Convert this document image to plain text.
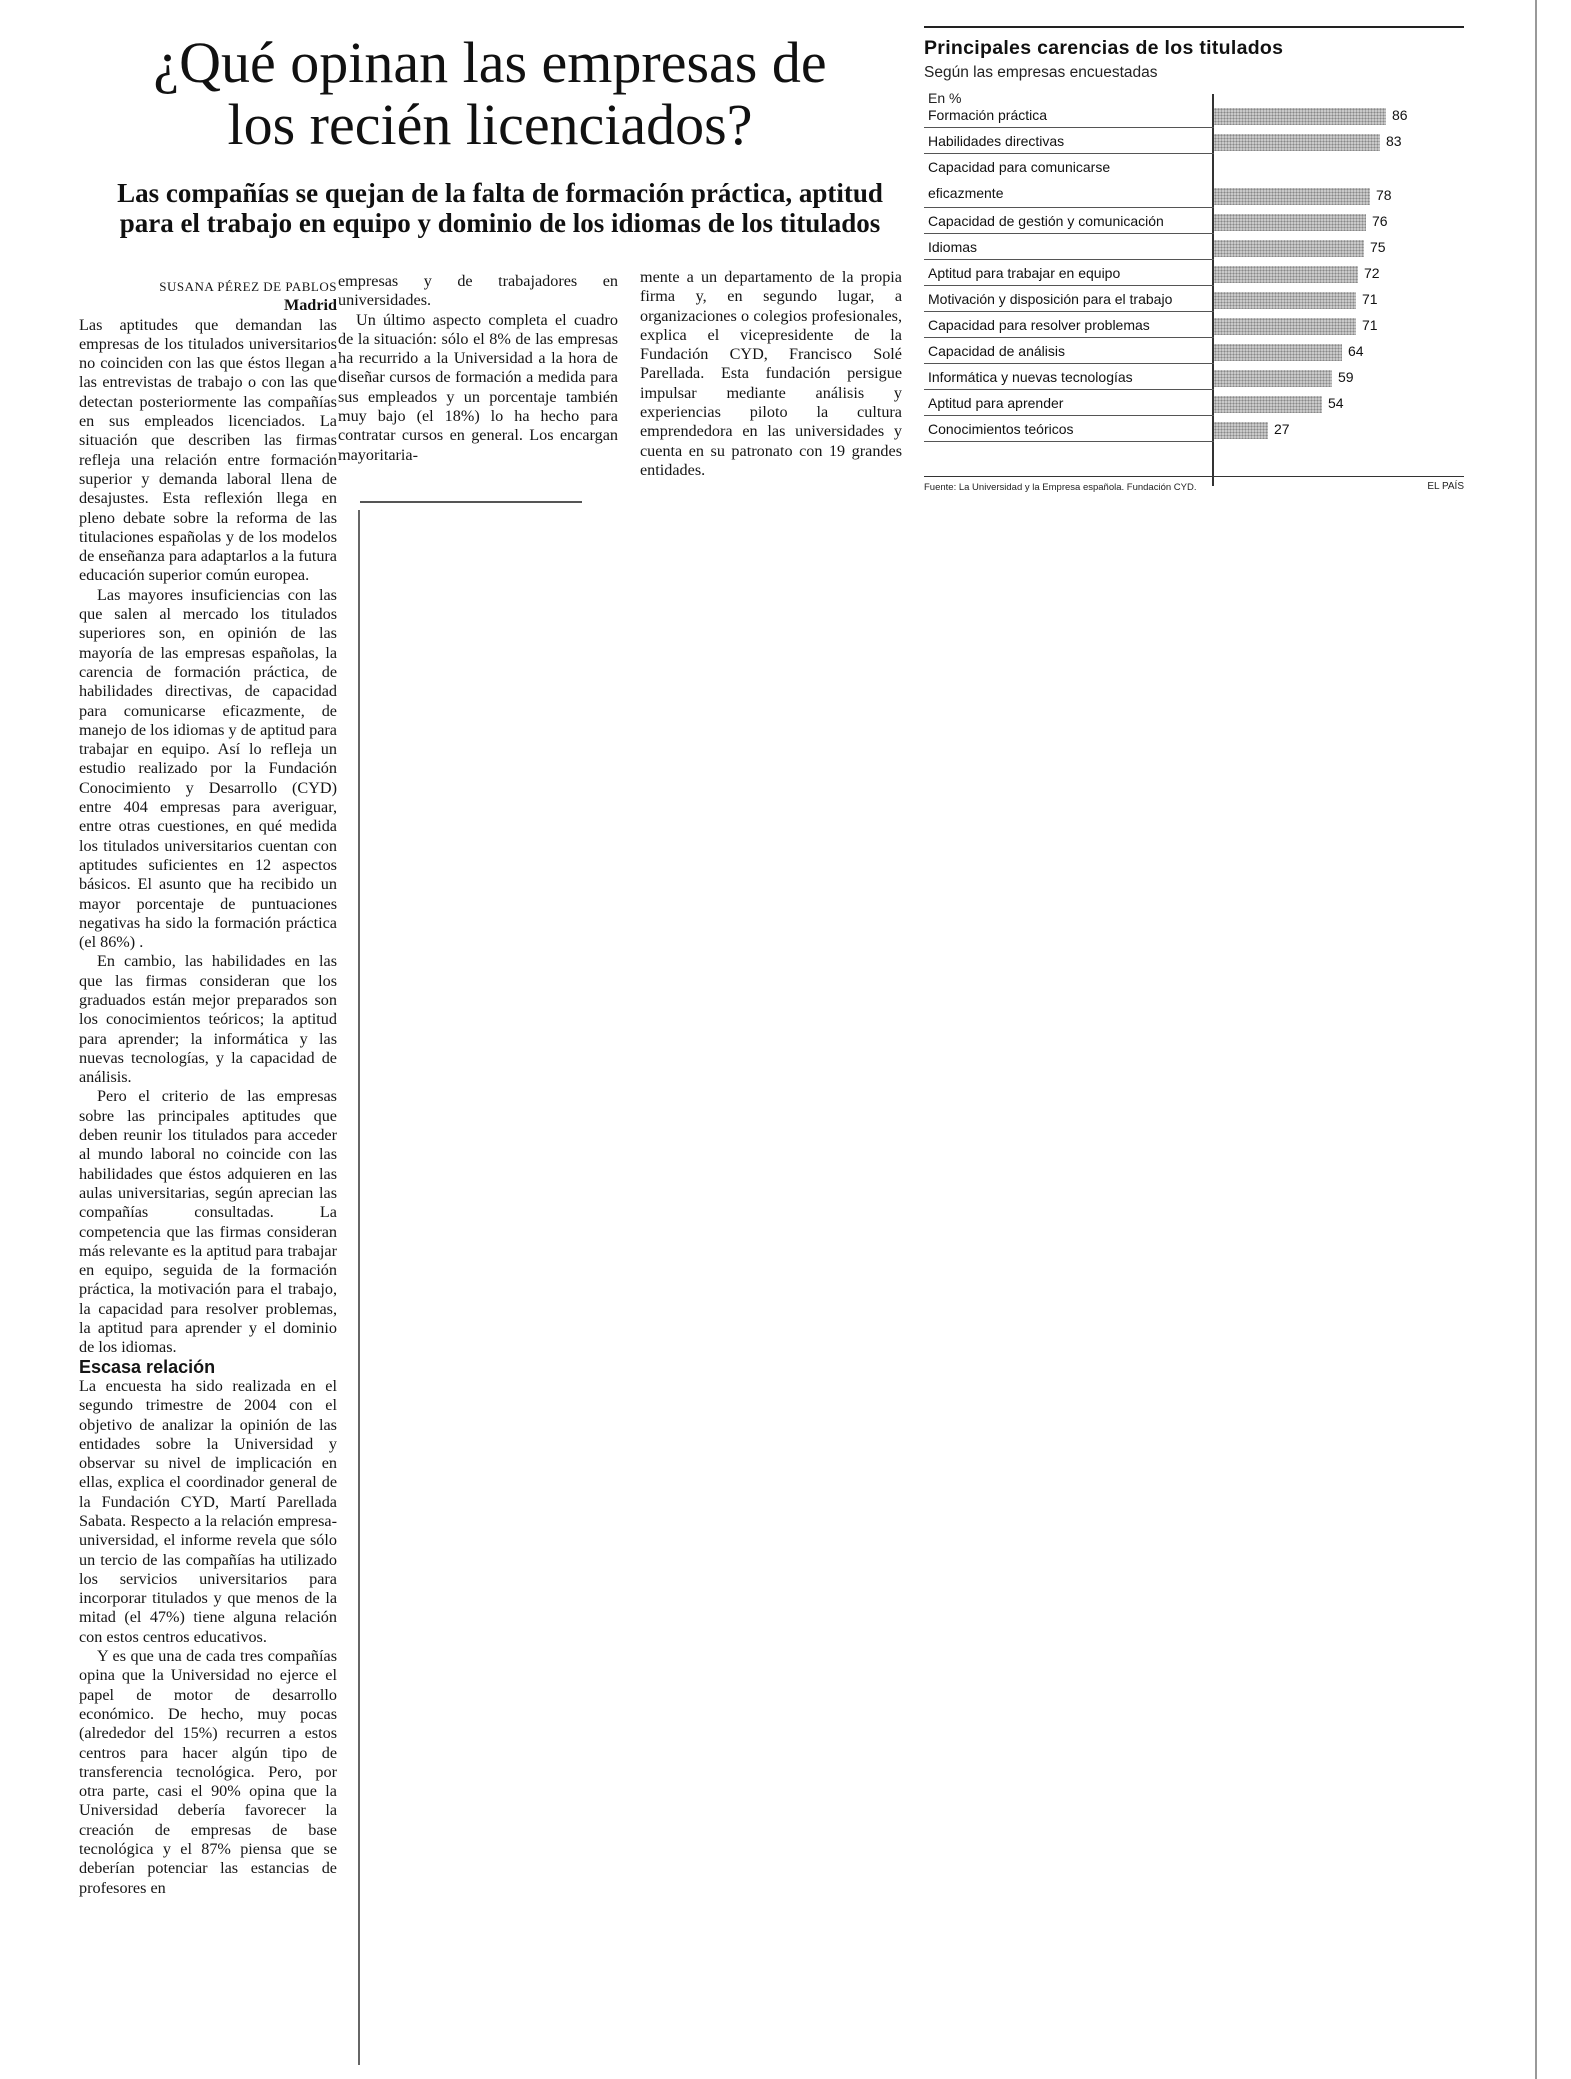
¿Qué opinan las empresas de los recién licenciados?
Las compañías se quejan de la falta de formación práctica, aptitud para el trabajo en equipo y dominio de los idiomas de los titulados

SUSANA PÉREZ DE PABLOS

Madrid

Las aptitudes que demandan las empresas de los titulados universitarios no coinciden con las que éstos llegan a las entrevistas de trabajo o con las que detectan posteriormente las compañías en sus empleados licenciados. La situación que describen las firmas refleja una relación entre formación superior y demanda laboral llena de desajustes. Esta reflexión llega en pleno debate sobre la reforma de las titulaciones españolas y de los modelos de enseñanza para adaptarlos a la futura educación superior común europea.

Las mayores insuficiencias con las que salen al mercado los titulados superiores son, en opinión de las mayoría de las empresas españolas, la carencia de formación práctica, de habilidades directivas, de capacidad para comunicarse eficazmente, de manejo de los idiomas y de aptitud para trabajar en equipo. Así lo refleja un estudio realizado por la Fundación Conocimiento y Desarrollo (CYD) entre 404 empresas para averiguar, entre otras cuestiones, en qué medida los titulados universitarios cuentan con aptitudes suficientes en 12 aspectos básicos. El asunto que ha recibido un mayor porcentaje de puntuaciones negativas ha sido la formación práctica (el 86%) .

En cambio, las habilidades en las que las firmas consideran que los graduados están mejor preparados son los conocimientos teóricos; la aptitud para aprender; la informática y las nuevas tecnologías, y la capacidad de análisis.

Pero el criterio de las empresas sobre las principales aptitudes que deben reunir los titulados para acceder al mundo laboral no coincide con las habilidades que éstos adquieren en las aulas universitarias, según aprecian las compañías consultadas. La competencia que las firmas consideran más relevante es la aptitud para trabajar en equipo, seguida de la formación práctica, la motivación para el trabajo, la capacidad para resolver problemas, la aptitud para aprender y el dominio de los idiomas.

Escasa relación

La encuesta ha sido realizada en el segundo trimestre de 2004 con el objetivo de analizar la opinión de las entidades sobre la Universidad y observar su nivel de implicación en ellas, explica el coordinador general de la Fundación CYD, Martí Parellada Sabata. Respecto a la relación empresa-universidad, el informe revela que sólo un tercio de las compañías ha utilizado los servicios universitarios para incorporar titulados y que menos de la mitad (el 47%) tiene alguna relación con estos centros educativos.

Y es que una de cada tres compañías opina que la Universidad no ejerce el papel de motor de desarrollo económico. De hecho, muy pocas (alrededor del 15%) recurren a estos centros para hacer algún tipo de transferencia tecnológica. Pero, por otra parte, casi el 90% opina que la Universidad debería favorecer la creación de empresas de base tecnológica y el 87% piensa que se deberían potenciar las estancias de profesores en

empresas y de trabajadores en universidades.

Un último aspecto completa el cuadro de la situación: sólo el 8% de las empresas ha recurrido a la Universidad a la hora de diseñar cursos de formación a medida para sus empleados y un porcentaje también muy bajo (el 18%) lo ha hecho para contratar cursos en general. Los encargan mayoritaria-

mente a un departamento de la propia firma y, en segundo lugar, a organizaciones o colegios profesionales, explica el vicepresidente de la Fundación CYD, Francisco Solé Parellada. Esta fundación persigue impulsar mediante análisis y experiencias piloto la cultura emprendedora en las universidades y cuenta en su patronato con 19 grandes entidades.

Principales carencias de los titulados
Según las empresas encuestadas
En %
Formación práctica	86
Habilidades directivas	83
Capacidad para comunicarse
eficazmente	78
Capacidad de gestión y comunicación	76
Idiomas	75
Aptitud para trabajar en equipo	72
Motivación y disposición para el trabajo	71
Capacidad para resolver problemas	71
Capacidad de análisis	64
Informática y nuevas tecnologías	59
Aptitud para aprender	54
Conocimientos teóricos	27
Fuente: La Universidad y la Empresa española. Fundación CYD.	EL PAÍS
